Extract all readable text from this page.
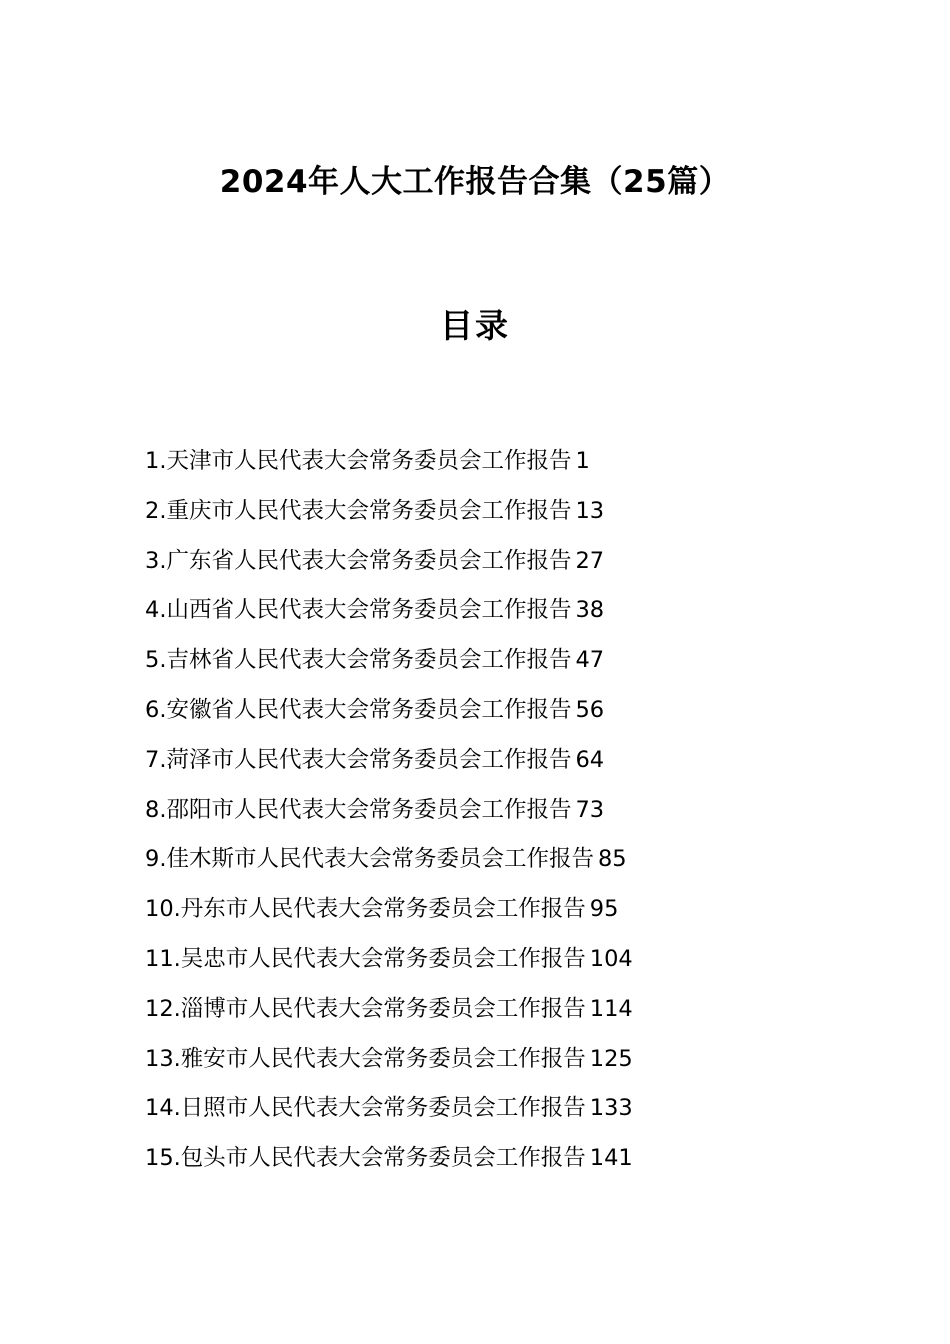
2024年人大工作报告合集（25篇）
目录
1.天津市人民代表大会常务委员会工作报告 1
2.重庆市人民代表大会常务委员会工作报告 13
3.广东省人民代表大会常务委员会工作报告 27
4.山西省人民代表大会常务委员会工作报告 38
5.吉林省人民代表大会常务委员会工作报告 47
6.安徽省人民代表大会常务委员会工作报告 56
7.菏泽市人民代表大会常务委员会工作报告 64
8.邵阳市人民代表大会常务委员会工作报告 73
9.佳木斯市人民代表大会常务委员会工作报告 85
10.丹东市人民代表大会常务委员会工作报告 95
11.吴忠市人民代表大会常务委员会工作报告 104
12.淄博市人民代表大会常务委员会工作报告 114
13.雅安市人民代表大会常务委员会工作报告 125
14.日照市人民代表大会常务委员会工作报告 133
15.包头市人民代表大会常务委员会工作报告 141
